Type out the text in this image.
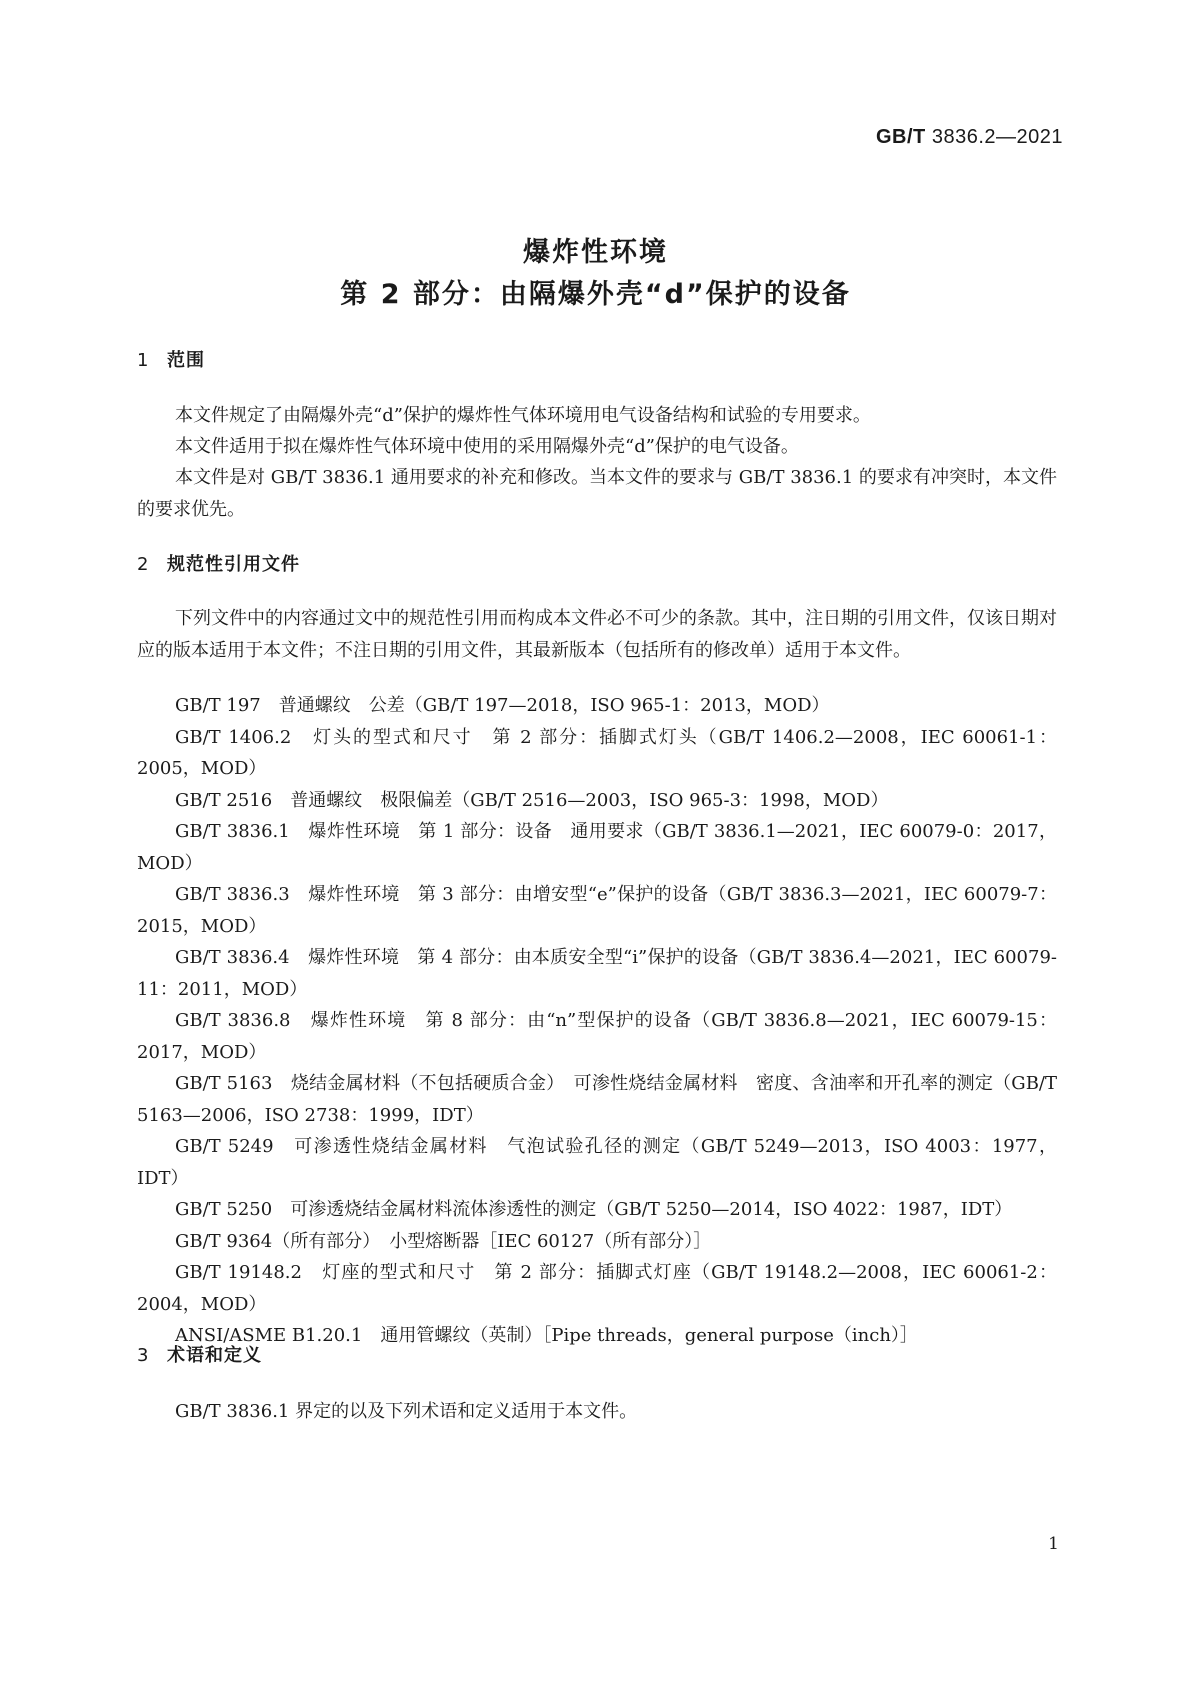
GB/T 3836.2—2021
爆炸性环境
第 2 部分：由隔爆外壳“d”保护的设备
1 范围

本文件规定了由隔爆外壳“d”保护的爆炸性气体环境用电气设备结构和试验的专用要求。

本文件适用于拟在爆炸性气体环境中使用的采用隔爆外壳“d”保护的电气设备。

本文件是对 GB/T 3836.1 通用要求的补充和修改。当本文件的要求与 GB/T 3836.1 的要求有冲突时，本文件的要求优先。

2 规范性引用文件

下列文件中的内容通过文中的规范性引用而构成本文件必不可少的条款。其中，注日期的引用文件，仅该日期对应的版本适用于本文件；不注日期的引用文件，其最新版本（包括所有的修改单）适用于本文件。

GB/T 197　普通螺纹　公差（GB/T 197—2018，ISO 965-1：2013，MOD）
GB/T 1406.2　灯头的型式和尺寸　第 2 部分：插脚式灯头（GB/T 1406.2—2008，IEC 60061-1：2005，MOD）
GB/T 2516　普通螺纹　极限偏差（GB/T 2516—2003，ISO 965-3：1998，MOD）
GB/T 3836.1　爆炸性环境　第 1 部分：设备　通用要求（GB/T 3836.1—2021，IEC 60079-0：2017，MOD）
GB/T 3836.3　爆炸性环境　第 3 部分：由增安型“e”保护的设备（GB/T 3836.3—2021，IEC 60079-7：2015，MOD）
GB/T 3836.4　爆炸性环境　第 4 部分：由本质安全型“i”保护的设备（GB/T 3836.4—2021，IEC 60079-11：2011，MOD）
GB/T 3836.8　爆炸性环境　第 8 部分：由“n”型保护的设备（GB/T 3836.8—2021，IEC 60079-15：2017，MOD）
GB/T 5163　烧结金属材料（不包括硬质合金）　可渗性烧结金属材料　密度、含油率和开孔率的测定（GB/T 5163—2006，ISO 2738：1999，IDT）
GB/T 5249　可渗透性烧结金属材料　气泡试验孔径的测定（GB/T 5249—2013，ISO 4003：1977，IDT）
GB/T 5250　可渗透烧结金属材料流体渗透性的测定（GB/T 5250—2014，ISO 4022：1987，IDT）
GB/T 9364（所有部分）　小型熔断器［IEC 60127（所有部分）］
GB/T 19148.2　灯座的型式和尺寸　第 2 部分：插脚式灯座（GB/T 19148.2—2008，IEC 60061-2：2004，MOD）
ANSI/ASME B1.20.1　通用管螺纹（英制）［Pipe threads，general purpose（inch）］
3 术语和定义

GB/T 3836.1 界定的以及下列术语和定义适用于本文件。

1
